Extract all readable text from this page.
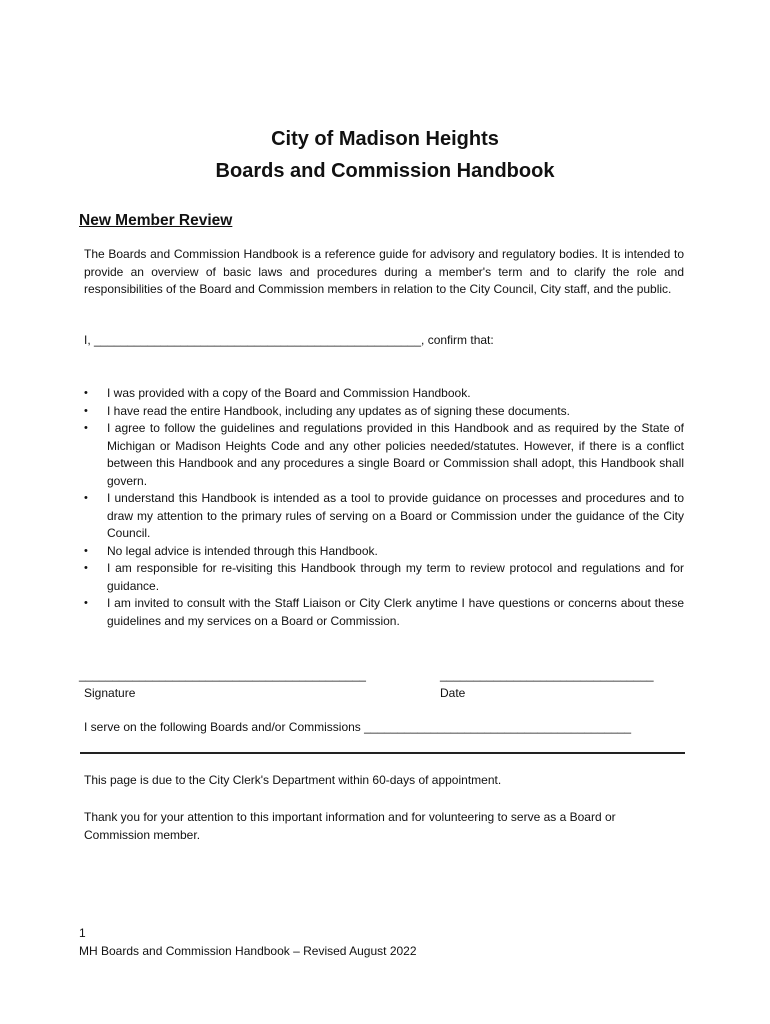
City of Madison Heights
Boards and Commission Handbook
New Member Review
The Boards and Commission Handbook is a reference guide for advisory and regulatory bodies. It is intended to provide an overview of basic laws and procedures during a member's term and to clarify the role and responsibilities of the Board and Commission members in relation to the City Council, City staff, and the public.
I, _________________________________________________, confirm that:
•	I was provided with a copy of the Board and Commission Handbook.
•	I have read the entire Handbook, including any updates as of signing these documents.
•	I agree to follow the guidelines and regulations provided in this Handbook and as required by the State of Michigan or Madison Heights Code and any other policies needed/statutes. However, if there is a conflict between this Handbook and any procedures a single Board or Commission shall adopt, this Handbook shall govern.
•	I understand this Handbook is intended as a tool to provide guidance on processes and procedures and to draw my attention to the primary rules of serving on a Board or Commission under the guidance of the City Council.
•	No legal advice is intended through this Handbook.
•	I am responsible for re-visiting this Handbook through my term to review protocol and regulations and for guidance.
•	I am invited to consult with the Staff Liaison or City Clerk anytime I have questions or concerns about these guidelines and my services on a Board or Commission.
___________________________________________	________________________________
Signature	Date
I serve on the following Boards and/or Commissions ________________________________________
This page is due to the City Clerk's Department within 60-days of appointment.
Thank you for your attention to this important information and for volunteering to serve as a Board or Commission member.
1
MH Boards and Commission Handbook – Revised August 2022
